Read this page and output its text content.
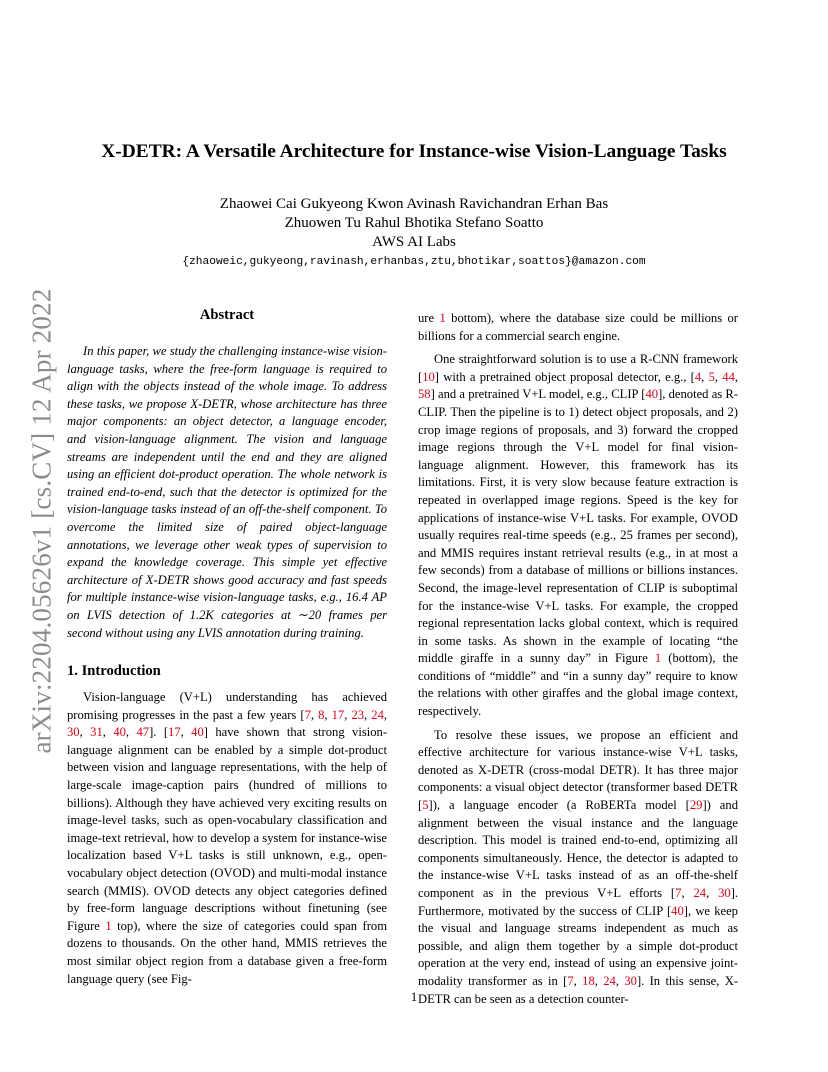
arXiv:2204.05626v1 [cs.CV] 12 Apr 2022
X-DETR: A Versatile Architecture for Instance-wise Vision-Language Tasks
Zhaowei Cai Gukyeong Kwon Avinash Ravichandran Erhan Bas
Zhuowen Tu Rahul Bhotika Stefano Soatto
AWS AI Labs
{zhaoweic,gukyeong,ravinash,erhanbas,ztu,bhotikar,soattos}@amazon.com
Abstract

In this paper, we study the challenging instance-wise vision-language tasks, where the free-form language is required to align with the objects instead of the whole image. To address these tasks, we propose X-DETR, whose architecture has three major components: an object detector, a language encoder, and vision-language alignment. The vision and language streams are independent until the end and they are aligned using an efficient dot-product operation. The whole network is trained end-to-end, such that the detector is optimized for the vision-language tasks instead of an off-the-shelf component. To overcome the limited size of paired object-language annotations, we leverage other weak types of supervision to expand the knowledge coverage. This simple yet effective architecture of X-DETR shows good accuracy and fast speeds for multiple instance-wise vision-language tasks, e.g., 16.4 AP on LVIS detection of 1.2K categories at ∼20 frames per second without using any LVIS annotation during training.

1. Introduction

Vision-language (V+L) understanding has achieved promising progresses in the past a few years [7, 8, 17, 23, 24, 30, 31, 40, 47]. [17, 40] have shown that strong vision-language alignment can be enabled by a simple dot-product between vision and language representations, with the help of large-scale image-caption pairs (hundred of millions to billions). Although they have achieved very exciting results on image-level tasks, such as open-vocabulary classification and image-text retrieval, how to develop a system for instance-wise localization based V+L tasks is still unknown, e.g., open-vocabulary object detection (OVOD) and multi-modal instance search (MMIS). OVOD detects any object categories defined by free-form language descriptions without finetuning (see Figure 1 top), where the size of categories could span from dozens to thousands. On the other hand, MMIS retrieves the most similar object region from a database given a free-form language query (see Fig-

ure 1 bottom), where the database size could be millions or billions for a commercial search engine.

One straightforward solution is to use a R-CNN framework [10] with a pretrained object proposal detector, e.g., [4, 5, 44, 58] and a pretrained V+L model, e.g., CLIP [40], denoted as R-CLIP. Then the pipeline is to 1) detect object proposals, and 2) crop image regions of proposals, and 3) forward the cropped image regions through the V+L model for final vision-language alignment. However, this framework has its limitations. First, it is very slow because feature extraction is repeated in overlapped image regions. Speed is the key for applications of instance-wise V+L tasks. For example, OVOD usually requires real-time speeds (e.g., 25 frames per second), and MMIS requires instant retrieval results (e.g., in at most a few seconds) from a database of millions or billions instances. Second, the image-level representation of CLIP is suboptimal for the instance-wise V+L tasks. For example, the cropped regional representation lacks global context, which is required in some tasks. As shown in the example of locating “the middle giraffe in a sunny day” in Figure 1 (bottom), the conditions of “middle” and “in a sunny day” require to know the relations with other giraffes and the global image context, respectively.

To resolve these issues, we propose an efficient and effective architecture for various instance-wise V+L tasks, denoted as X-DETR (cross-modal DETR). It has three major components: a visual object detector (transformer based DETR [5]), a language encoder (a RoBERTa model [29]) and alignment between the visual instance and the language description. This model is trained end-to-end, optimizing all components simultaneously. Hence, the detector is adapted to the instance-wise V+L tasks instead of as an off-the-shelf component as in the previous V+L efforts [7, 24, 30]. Furthermore, motivated by the success of CLIP [40], we keep the visual and language streams independent as much as possible, and align them together by a simple dot-product operation at the very end, instead of using an expensive joint-modality transformer as in [7, 18, 24, 30]. In this sense, X-DETR can be seen as a detection counter-

1
